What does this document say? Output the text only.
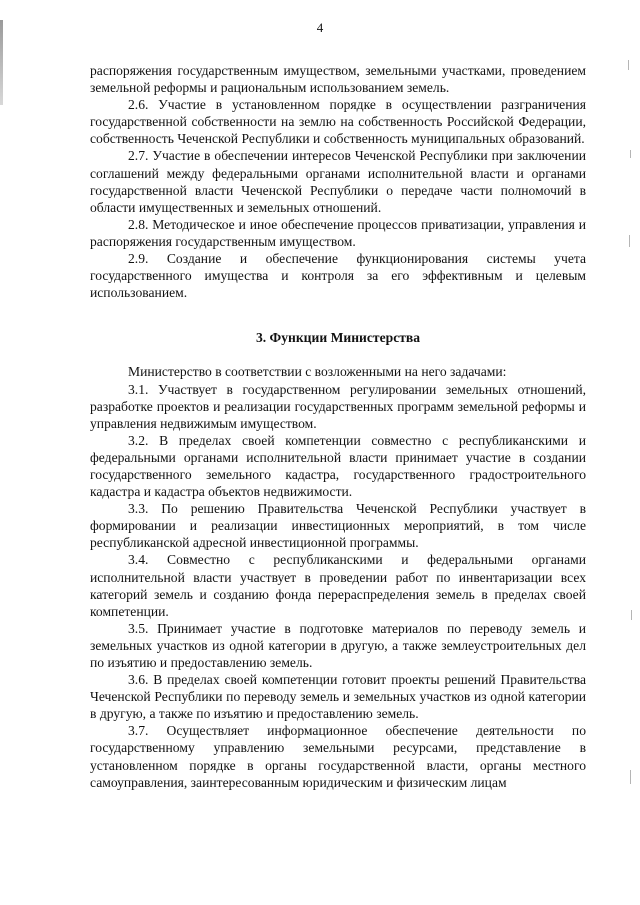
4

распоряжения государственным имуществом, земельными участками, проведением земельной реформы и рациональным использованием земель.

2.6. Участие в установленном порядке в осуществлении разграничения государственной собственности на землю на собственность Российской Федерации, собственность Чеченской Республики и собственность муниципальных образований.

2.7. Участие в обеспечении интересов Чеченской Республики при заключении соглашений между федеральными органами исполнительной власти и органами государственной власти Чеченской Республики о передаче части полномочий в области имущественных и земельных отношений.

2.8. Методическое и иное обеспечение процессов приватизации, управления и распоряжения государственным имуществом.

2.9. Создание и обеспечение функционирования системы учета государственного имущества и контроля за его эффективным и целевым использованием.

3. Функции Министерства

Министерство в соответствии с возложенными на него задачами:

3.1. Участвует в государственном регулировании земельных отношений, разработке проектов и реализации государственных программ земельной реформы и управления недвижимым имуществом.

3.2. В пределах своей компетенции совместно с республиканскими и федеральными органами исполнительной власти принимает участие в создании государственного земельного кадастра, государственного градостроительного кадастра и кадастра объектов недвижимости.

3.3. По решению Правительства Чеченской Республики участвует в формировании и реализации инвестиционных мероприятий, в том числе республиканской адресной инвестиционной программы.

3.4. Совместно с республиканскими и федеральными органами исполнительной власти участвует в проведении работ по инвентаризации всех категорий земель и созданию фонда перераспределения земель в пределах своей компетенции.

3.5. Принимает участие в подготовке материалов по переводу земель и земельных участков из одной категории в другую, а также землеустроительных дел по изъятию и предоставлению земель.

3.6. В пределах своей компетенции готовит проекты решений Правительства Чеченской Республики по переводу земель и земельных участков из одной категории в другую, а также по изъятию и предоставлению земель.

3.7. Осуществляет информационное обеспечение деятельности по государственному управлению земельными ресурсами, представление в установленном порядке в органы государственной власти, органы местного самоуправления, заинтересованным юридическим и физическим лицам
